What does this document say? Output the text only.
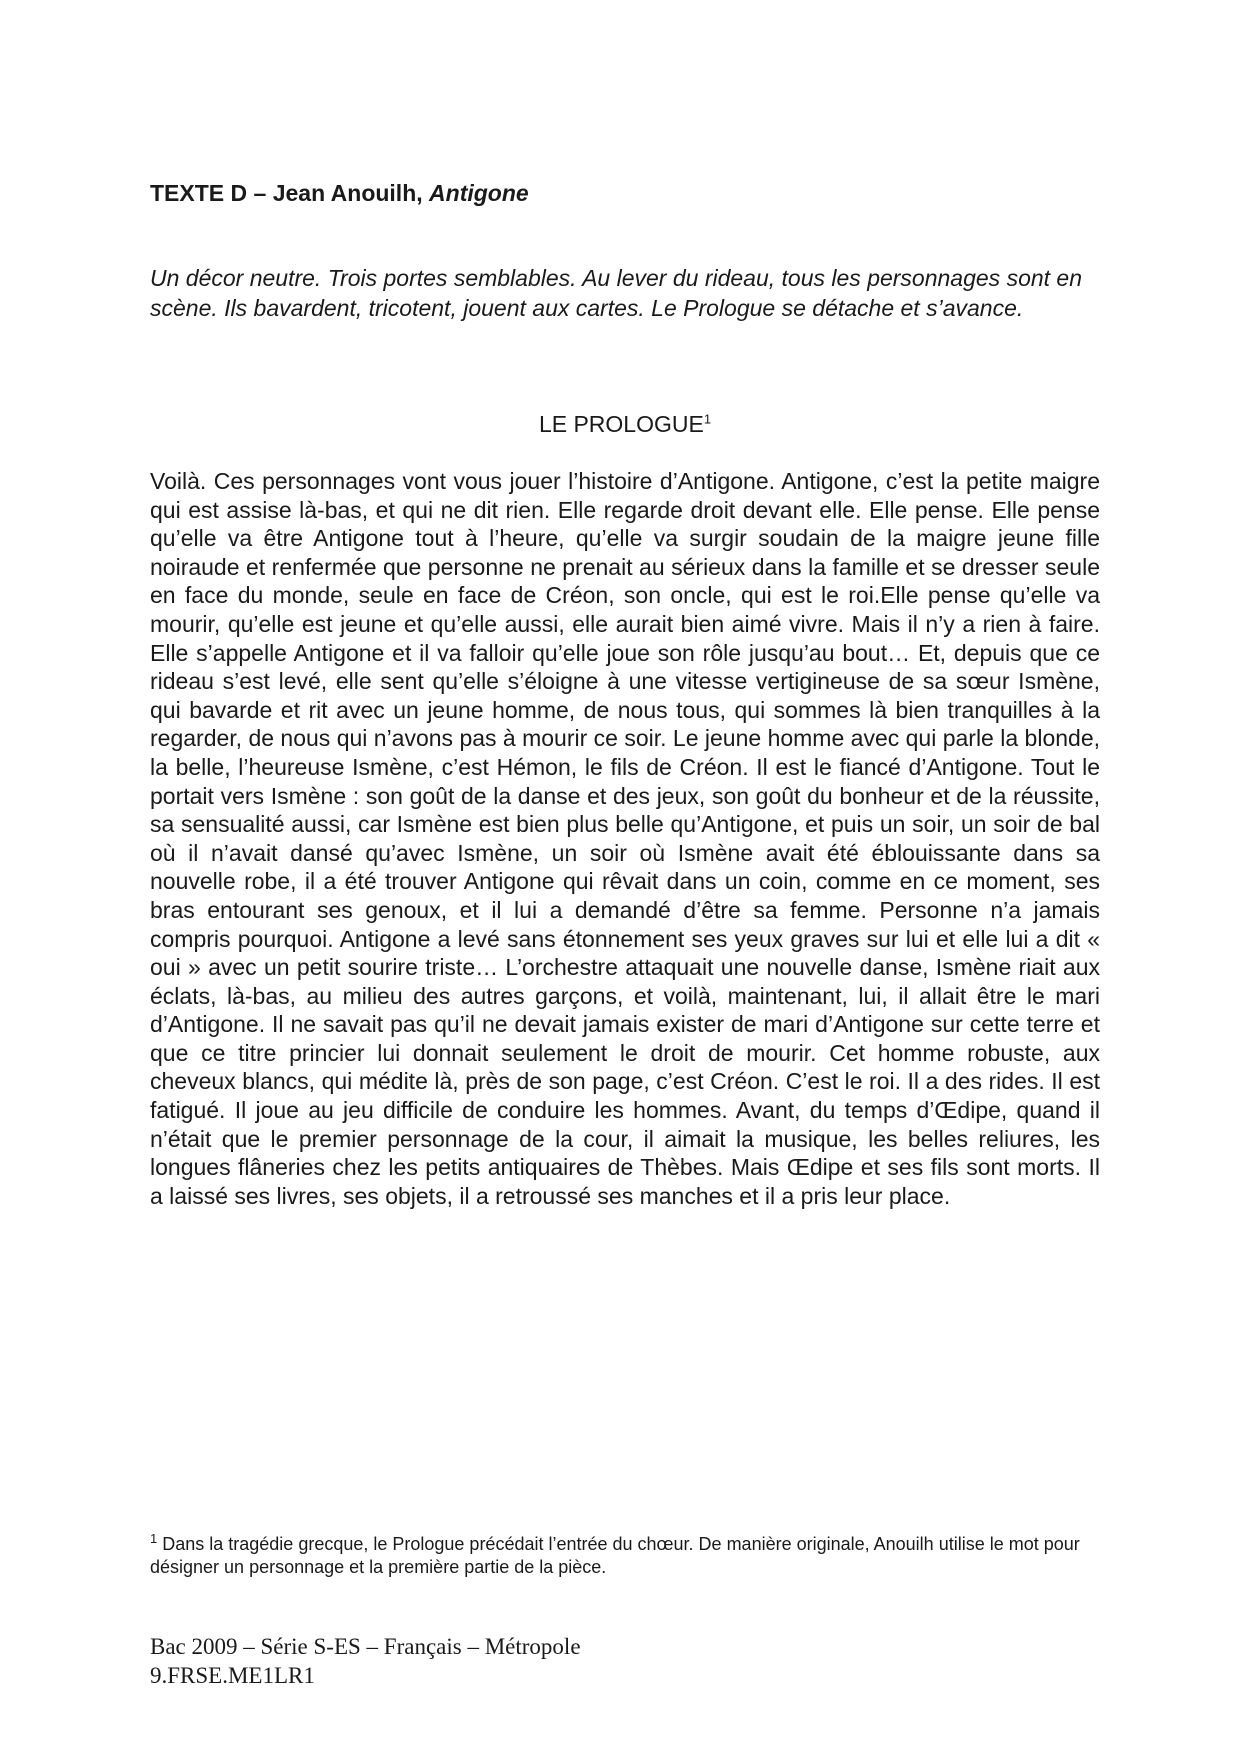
TEXTE D – Jean Anouilh, Antigone

Un décor neutre. Trois portes semblables. Au lever du rideau, tous les personnages sont en scène. Ils bavardent, tricotent, jouent aux cartes. Le Prologue se détache et s’avance.

LE PROLOGUE$^1$

Voilà. Ces personnages vont vous jouer l’histoire d’Antigone. Antigone, c’est la petite maigre qui est assise là-bas, et qui ne dit rien. Elle regarde droit devant elle. Elle pense. Elle pense qu’elle va être Antigone tout à l’heure, qu’elle va surgir soudain de la maigre jeune fille noiraude et renfermée que personne ne prenait au sérieux dans la famille et se dresser seule en face du monde, seule en face de Créon, son oncle, qui est le roi.Elle pense qu’elle va mourir, qu’elle est jeune et qu’elle aussi, elle aurait bien aimé vivre. Mais il n’y a rien à faire. Elle s’appelle Antigone et il va falloir qu’elle joue son rôle jusqu’au bout… Et, depuis que ce rideau s’est levé, elle sent qu’elle s’éloigne à une vitesse vertigineuse de sa sœur Ismène, qui bavarde et rit avec un jeune homme, de nous tous, qui sommes là bien tranquilles à la regarder, de nous qui n’avons pas à mourir ce soir. Le jeune homme avec qui parle la blonde, la belle, l’heureuse Ismène, c’est Hémon, le fils de Créon. Il est le fiancé d’Antigone. Tout le portait vers Ismène : son goût de la danse et des jeux, son goût du bonheur et de la réussite, sa sensualité aussi, car Ismène est bien plus belle qu’Antigone, et puis un soir, un soir de bal où il n’avait dansé qu’avec Ismène, un soir où Ismène avait été éblouissante dans sa nouvelle robe, il a été trouver Antigone qui rêvait dans un coin, comme en ce moment, ses bras entourant ses genoux, et il lui a demandé d’être sa femme. Personne n’a jamais compris pourquoi. Antigone a levé sans étonnement ses yeux graves sur lui et elle lui a dit « oui » avec un petit sourire triste… L’orchestre attaquait une nouvelle danse, Ismène riait aux éclats, là-bas, au milieu des autres garçons, et voilà, maintenant, lui, il allait être le mari d’Antigone. Il ne savait pas qu’il ne devait jamais exister de mari d’Antigone sur cette terre et que ce titre princier lui donnait seulement le droit de mourir. Cet homme robuste, aux cheveux blancs, qui médite là, près de son page, c’est Créon. C’est le roi. Il a des rides. Il est fatigué. Il joue au jeu difficile de conduire les hommes. Avant, du temps d’Œdipe, quand il n’était que le premier personnage de la cour, il aimait la musique, les belles reliures, les longues flâneries chez les petits antiquaires de Thèbes. Mais Œdipe et ses fils sont morts. Il a laissé ses livres, ses objets, il a retroussé ses manches et il a pris leur place.

$^1$ Dans la tragédie grecque, le Prologue précédait l’entrée du chœur. De manière originale, Anouilh utilise le mot pour désigner un personnage et la première partie de la pièce.

Bac 2009 – Série S-ES – Français – Métropole
9.FRSE.ME1LR1
